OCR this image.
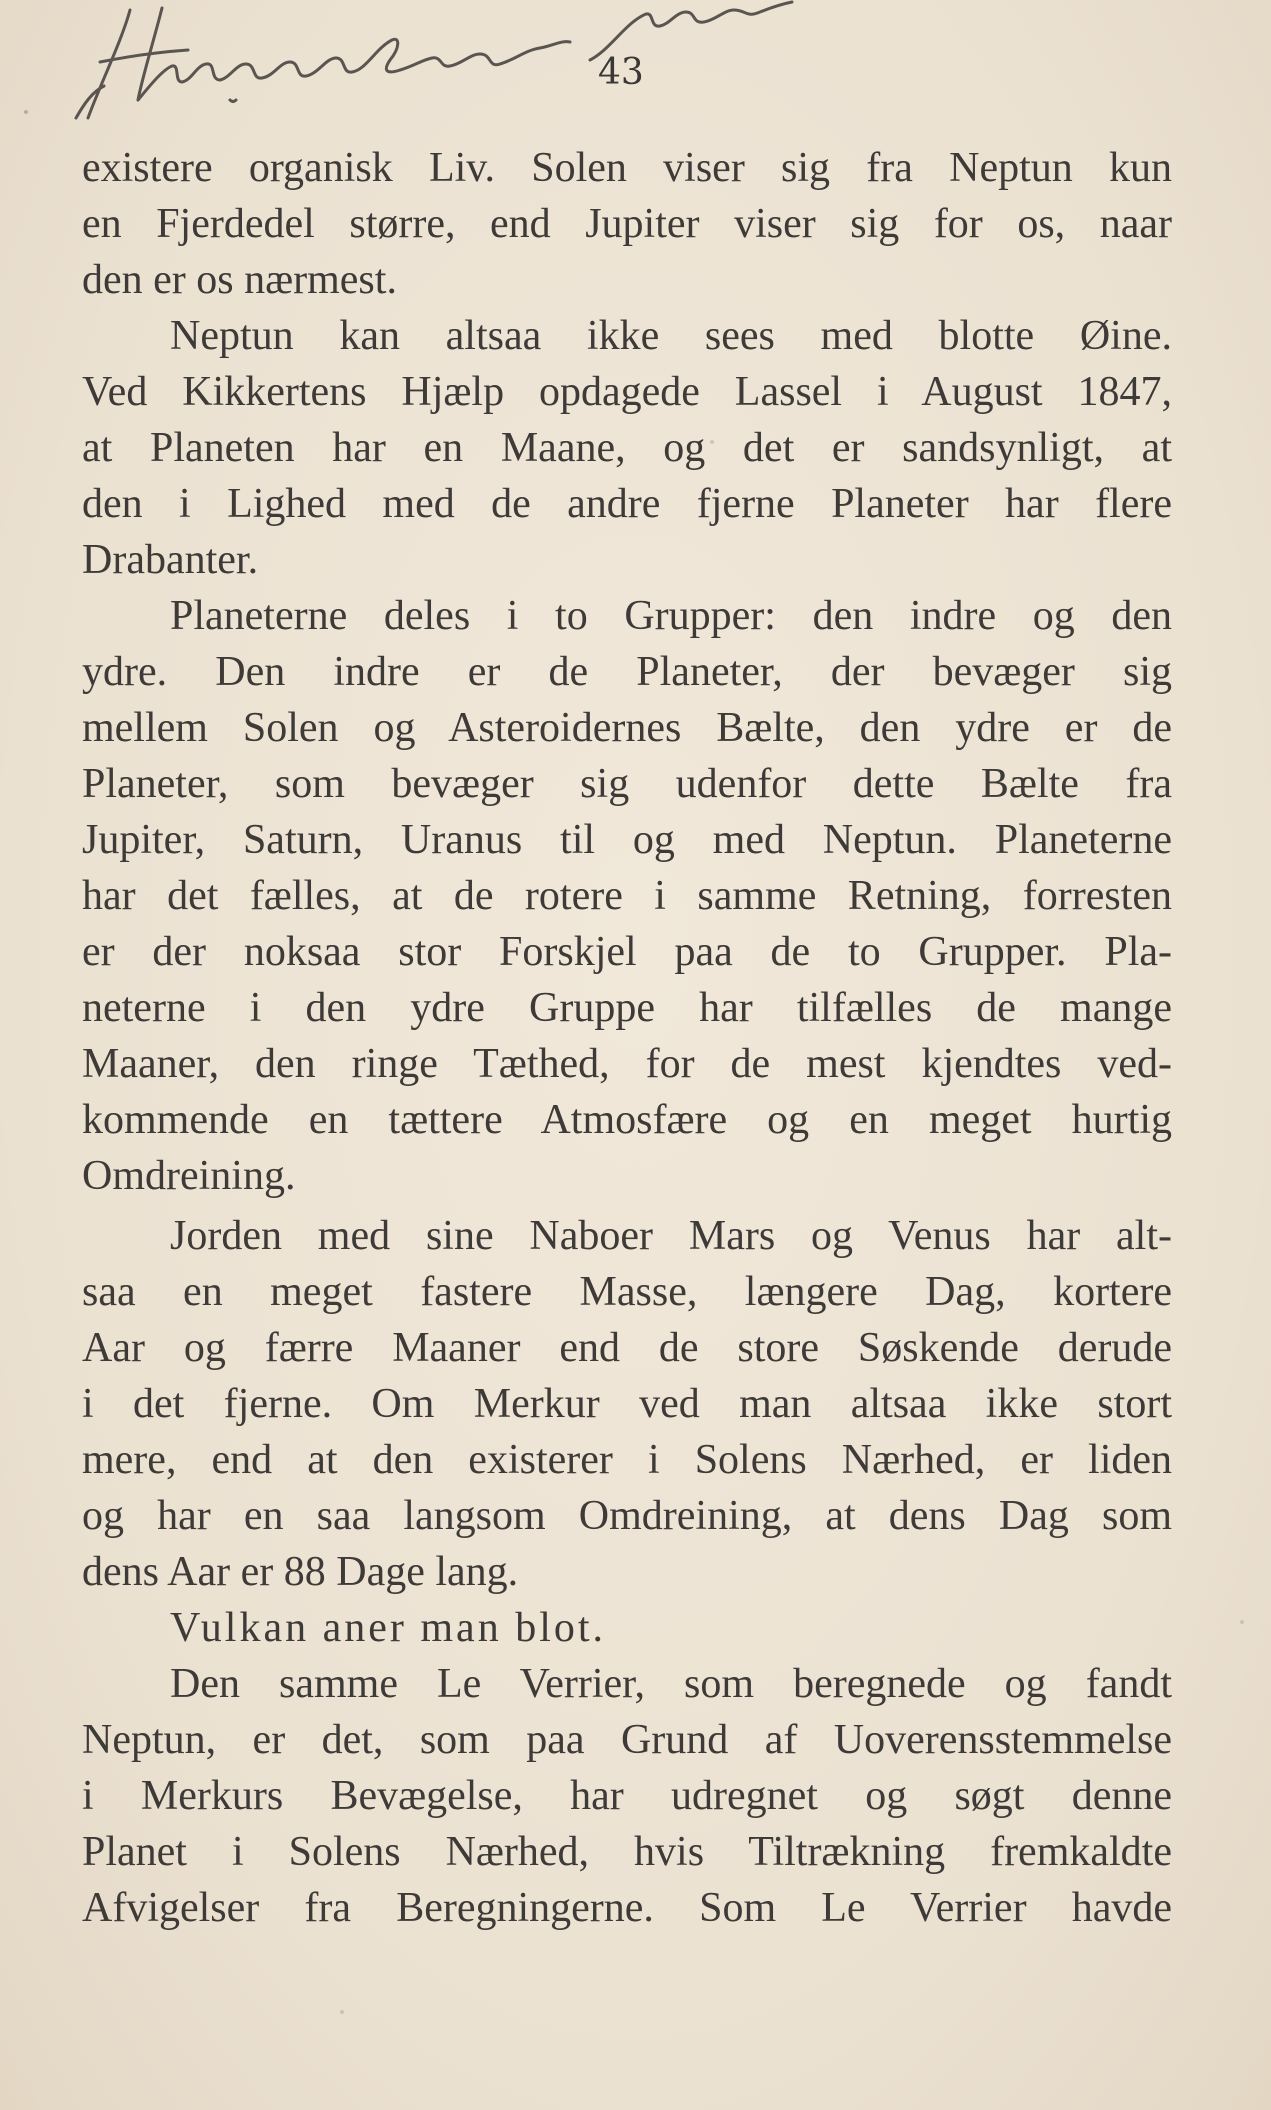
43
existere organisk Liv. Solen viser sig fra Neptun kun
en Fjerdedel større, end Jupiter viser sig for os, naar
den er os nærmest.
Neptun kan altsaa ikke sees med blotte Øine.
Ved Kikkertens Hjælp opdagede Lassel i August 1847,
at Planeten har en Maane, og det er sandsynligt, at
den i Lighed med de andre fjerne Planeter har flere
Drabanter.
Planeterne deles i to Grupper: den indre og den
ydre. Den indre er de Planeter, der bevæger sig
mellem Solen og Asteroidernes Bælte, den ydre er de
Planeter, som bevæger sig udenfor dette Bælte fra
Jupiter, Saturn, Uranus til og med Neptun. Planeterne
har det fælles, at de rotere i samme Retning, forresten
er der noksaa stor Forskjel paa de to Grupper. Pla-
neterne i den ydre Gruppe har tilfælles de mange
Maaner, den ringe Tæthed, for de mest kjendtes ved-
kommende en tættere Atmosfære og en meget hurtig
Omdreining.
Jorden med sine Naboer Mars og Venus har alt-
saa en meget fastere Masse, længere Dag, kortere
Aar og færre Maaner end de store Søskende derude
i det fjerne. Om Merkur ved man altsaa ikke stort
mere, end at den existerer i Solens Nærhed, er liden
og har en saa langsom Omdreining, at dens Dag som
dens Aar er 88 Dage lang.
Vulkan aner man blot.
Den samme Le Verrier, som beregnede og fandt
Neptun, er det, som paa Grund af Uoverensstemmelse
i Merkurs Bevægelse, har udregnet og søgt denne
Planet i Solens Nærhed, hvis Tiltrækning fremkaldte
Afvigelser fra Beregningerne. Som Le Verrier havde
